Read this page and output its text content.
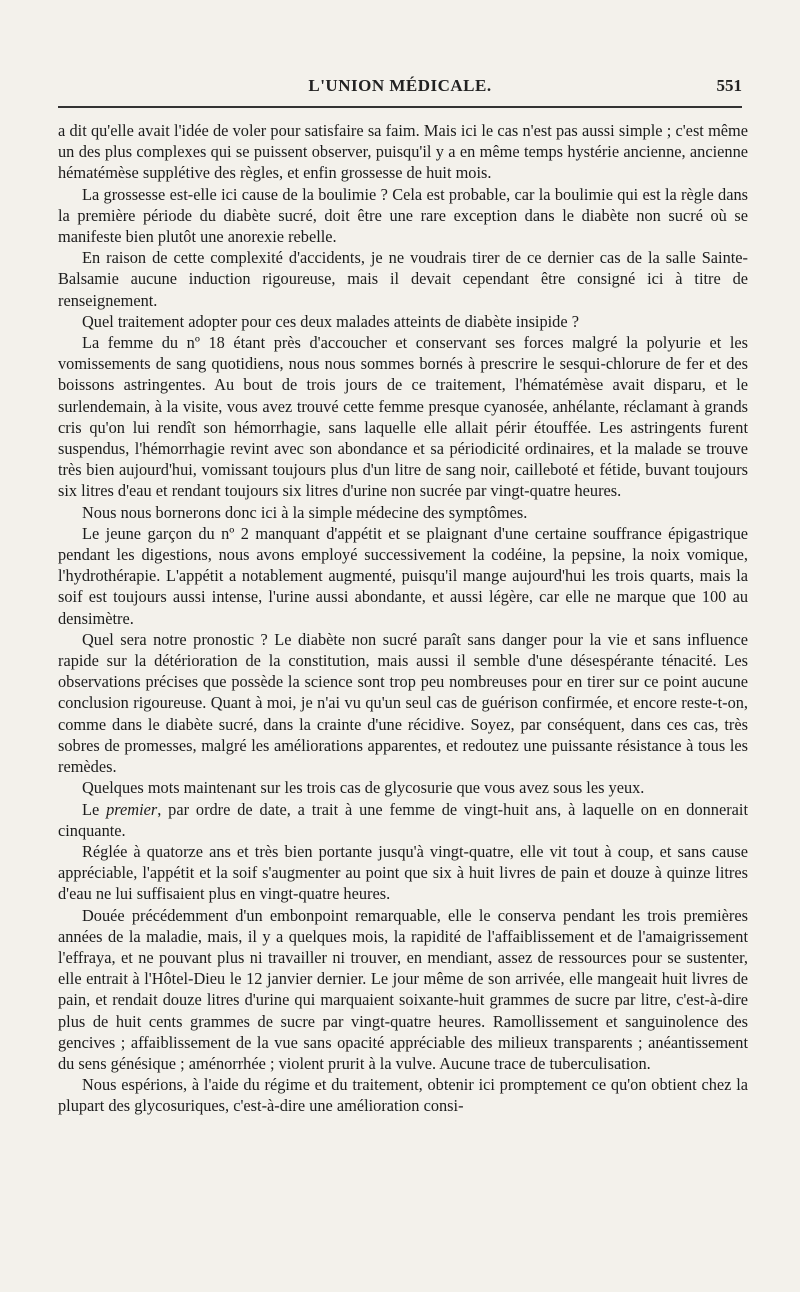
L'UNION MÉDICALE.	551

a dit qu'elle avait l'idée de voler pour satisfaire sa faim. Mais ici le cas n'est pas aussi simple ; c'est même un des plus complexes qui se puissent observer, puisqu'il y a en même temps hystérie ancienne, ancienne hématémèse supplétive des règles, et enfin grossesse de huit mois.

La grossesse est-elle ici cause de la boulimie ? Cela est probable, car la boulimie qui est la règle dans la première période du diabète sucré, doit être une rare exception dans le diabète non sucré où se manifeste bien plutôt une anorexie rebelle.

En raison de cette complexité d'accidents, je ne voudrais tirer de ce dernier cas de la salle Sainte-Balsamie aucune induction rigoureuse, mais il devait cependant être consigné ici à titre de renseignement.

Quel traitement adopter pour ces deux malades atteints de diabète insipide ?

La femme du nº 18 étant près d'accoucher et conservant ses forces malgré la polyurie et les vomissements de sang quotidiens, nous nous sommes bornés à prescrire le sesqui-chlorure de fer et des boissons astringentes. Au bout de trois jours de ce traitement, l'hématémèse avait disparu, et le surlendemain, à la visite, vous avez trouvé cette femme presque cyanosée, anhélante, réclamant à grands cris qu'on lui rendît son hémorrhagie, sans laquelle elle allait périr étouffée. Les astringents furent suspendus, l'hémorrhagie revint avec son abondance et sa périodicité ordinaires, et la malade se trouve très bien aujourd'hui, vomissant toujours plus d'un litre de sang noir, cailleboté et fétide, buvant toujours six litres d'eau et rendant toujours six litres d'urine non sucrée par vingt-quatre heures.

Nous nous bornerons donc ici à la simple médecine des symptômes.

Le jeune garçon du nº 2 manquant d'appétit et se plaignant d'une certaine souffrance épigastrique pendant les digestions, nous avons employé successivement la codéine, la pepsine, la noix vomique, l'hydrothérapie. L'appétit a notablement augmenté, puisqu'il mange aujourd'hui les trois quarts, mais la soif est toujours aussi intense, l'urine aussi abondante, et aussi légère, car elle ne marque que 100 au densimètre.

Quel sera notre pronostic ? Le diabète non sucré paraît sans danger pour la vie et sans influence rapide sur la détérioration de la constitution, mais aussi il semble d'une désespérante ténacité. Les observations précises que possède la science sont trop peu nombreuses pour en tirer sur ce point aucune conclusion rigoureuse. Quant à moi, je n'ai vu qu'un seul cas de guérison confirmée, et encore reste-t-on, comme dans le diabète sucré, dans la crainte d'une récidive. Soyez, par conséquent, dans ces cas, très sobres de promesses, malgré les améliorations apparentes, et redoutez une puissante résistance à tous les remèdes.

Quelques mots maintenant sur les trois cas de glycosurie que vous avez sous les yeux.

Le premier, par ordre de date, a trait à une femme de vingt-huit ans, à laquelle on en donnerait cinquante.

Réglée à quatorze ans et très bien portante jusqu'à vingt-quatre, elle vit tout à coup, et sans cause appréciable, l'appétit et la soif s'augmenter au point que six à huit livres de pain et douze à quinze litres d'eau ne lui suffisaient plus en vingt-quatre heures.

Douée précédemment d'un embonpoint remarquable, elle le conserva pendant les trois premières années de la maladie, mais, il y a quelques mois, la rapidité de l'affaiblissement et de l'amaigrissement l'effraya, et ne pouvant plus ni travailler ni trouver, en mendiant, assez de ressources pour se sustenter, elle entrait à l'Hôtel-Dieu le 12 janvier dernier. Le jour même de son arrivée, elle mangeait huit livres de pain, et rendait douze litres d'urine qui marquaient soixante-huit grammes de sucre par litre, c'est-à-dire plus de huit cents grammes de sucre par vingt-quatre heures. Ramollissement et sanguinolence des gencives ; affaiblissement de la vue sans opacité appréciable des milieux transparents ; anéantissement du sens génésique ; aménorrhée ; violent prurit à la vulve. Aucune trace de tuberculisation.

Nous espérions, à l'aide du régime et du traitement, obtenir ici promptement ce qu'on obtient chez la plupart des glycosuriques, c'est-à-dire une amélioration consi-
